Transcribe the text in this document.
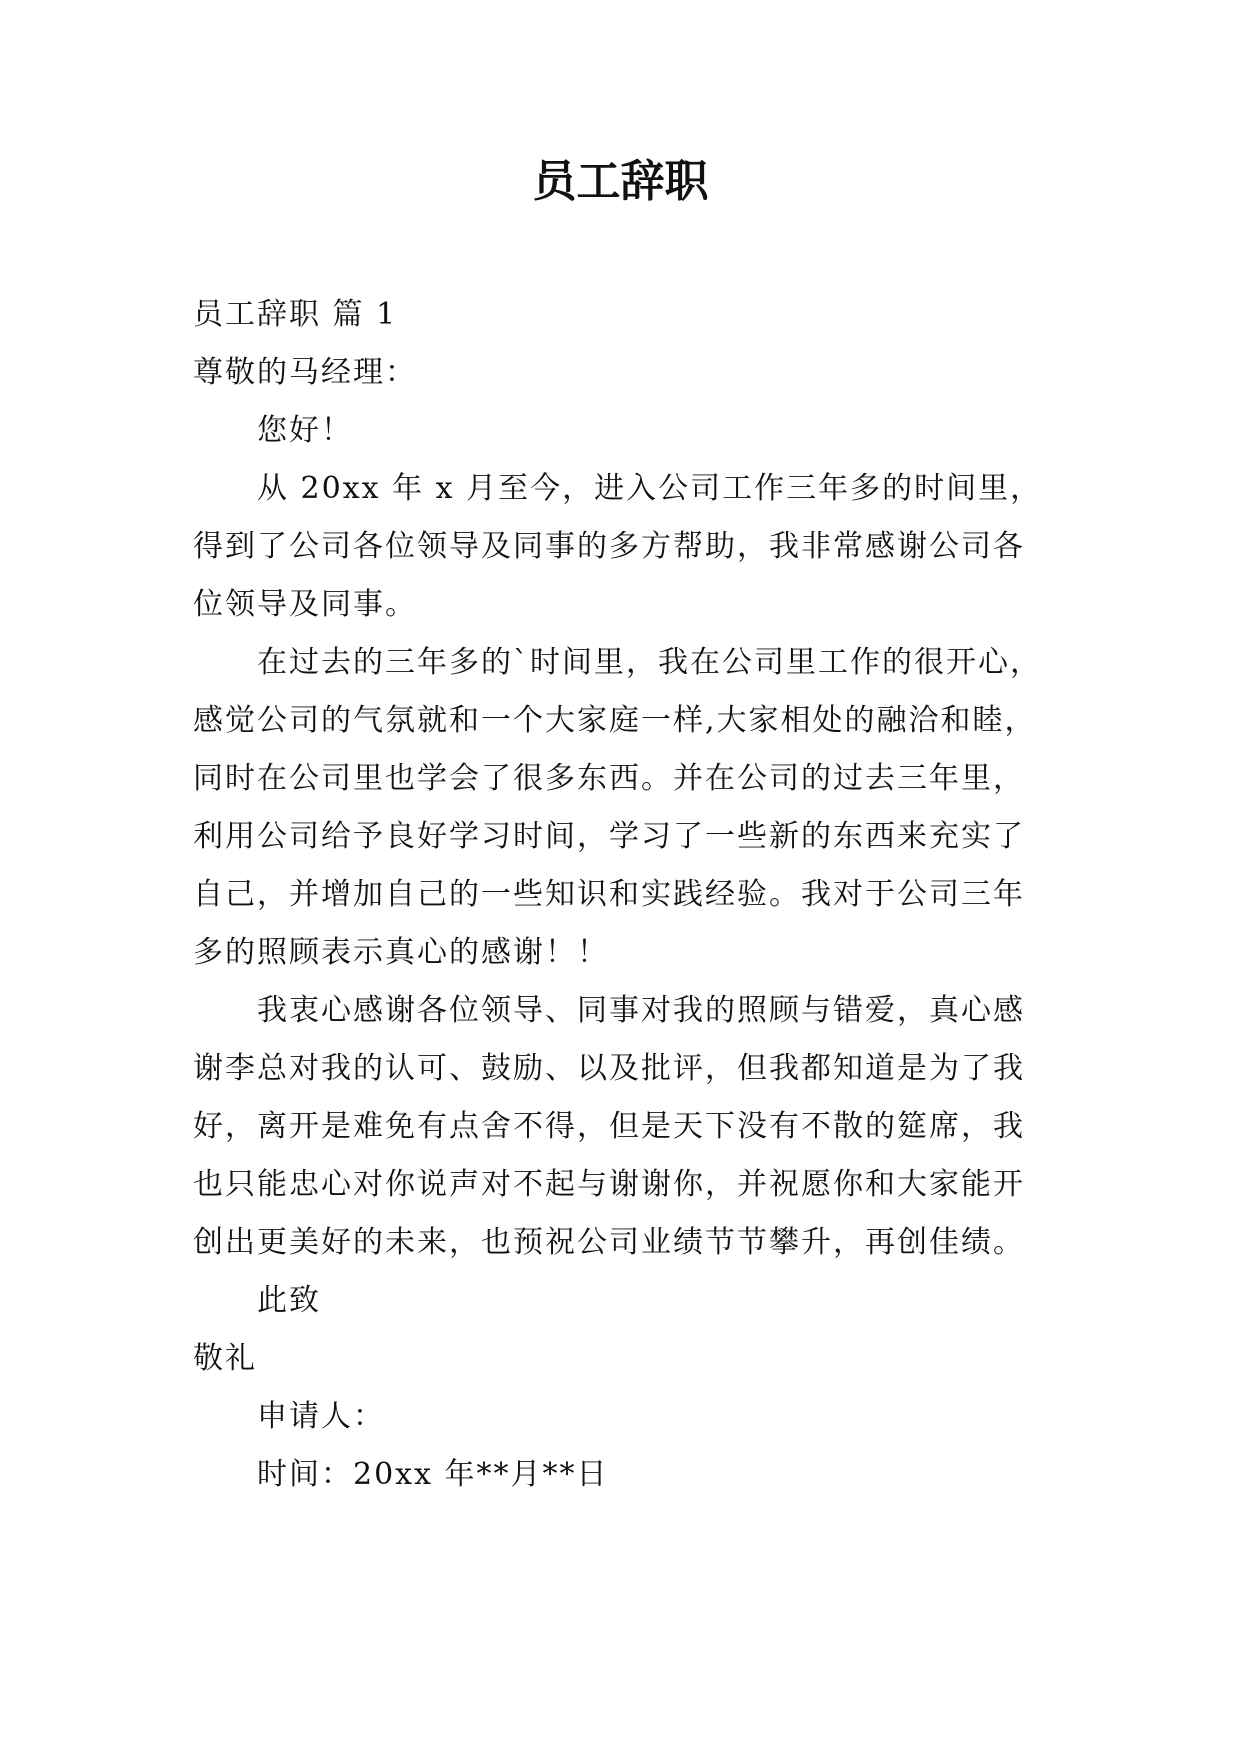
员工辞职
员工辞职 篇 1
尊敬的马经理：
您好！
从 20xx 年 x 月至今，进入公司工作三年多的时间里，
得到了公司各位领导及同事的多方帮助，我非常感谢公司各
位领导及同事。
在过去的三年多的`时间里，我在公司里工作的很开心，
感觉公司的气氛就和一个大家庭一样,大家相处的融洽和睦，
同时在公司里也学会了很多东西。并在公司的过去三年里，
利用公司给予良好学习时间，学习了一些新的东西来充实了
自己，并增加自己的一些知识和实践经验。我对于公司三年
多的照顾表示真心的感谢！！
我衷心感谢各位领导、同事对我的照顾与错爱，真心感
谢李总对我的认可、鼓励、以及批评，但我都知道是为了我
好，离开是难免有点舍不得，但是天下没有不散的筵席，我
也只能忠心对你说声对不起与谢谢你，并祝愿你和大家能开
创出更美好的未来，也预祝公司业绩节节攀升，再创佳绩。
此致
敬礼
申请人：
时间：20xx 年**月**日
